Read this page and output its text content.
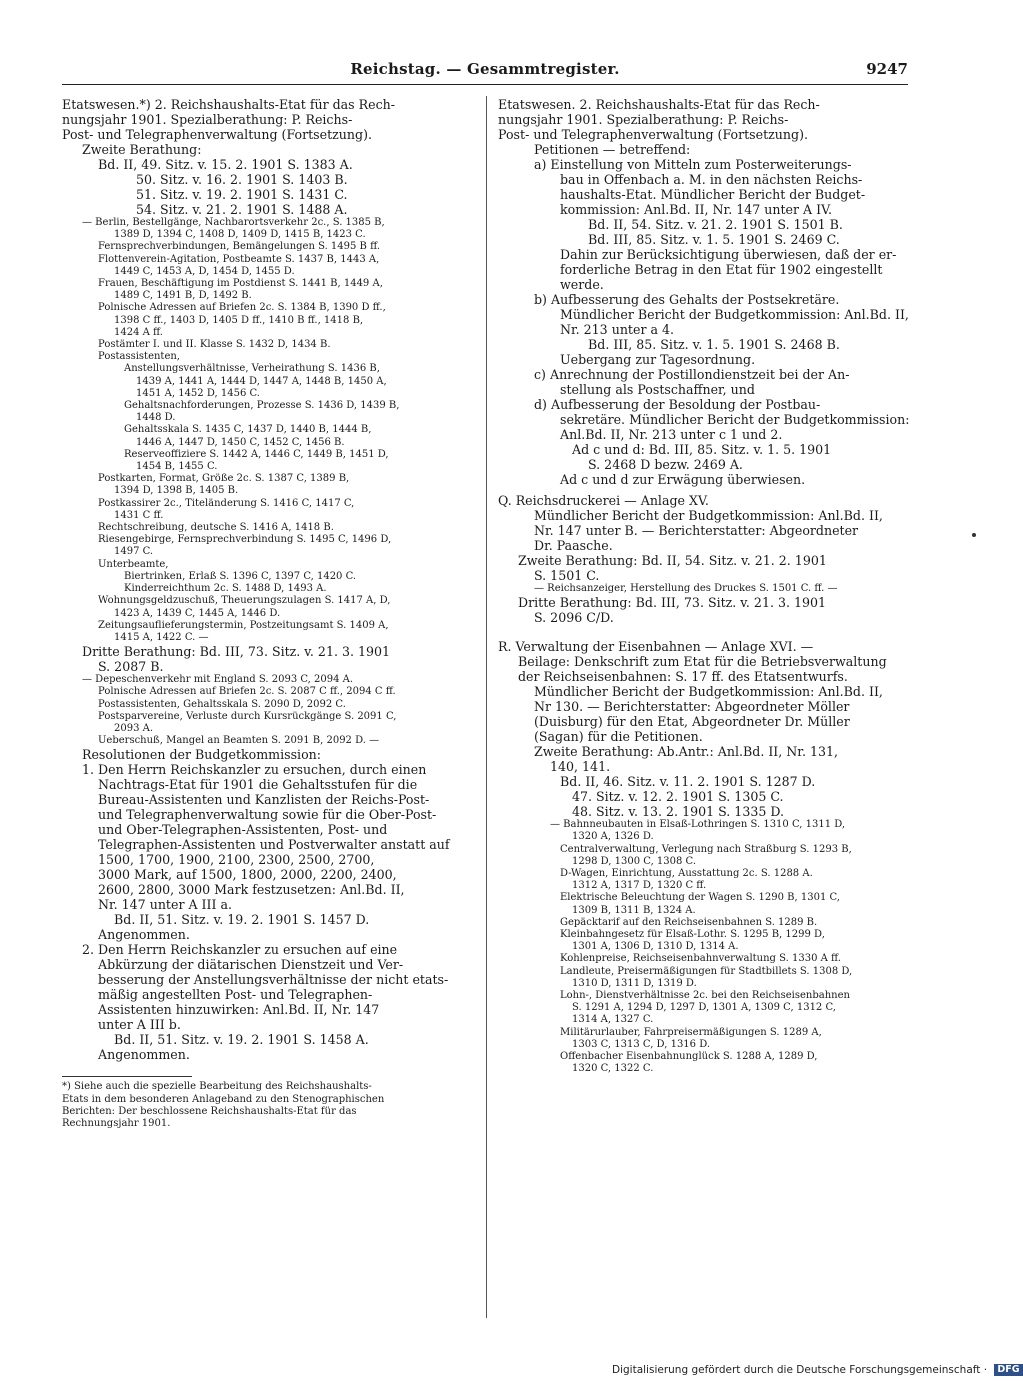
Reichstag. — Gesammtregister.	9247
Etatswesen.*) 2. Reichshaushalts-Etat für das Rech-
nungsjahr 1901. Spezialberathung: P. Reichs-
Post- und Telegraphenverwaltung (Fortsetzung).
Zweite Berathung:
Bd. II, 49. Sitz. v. 15. 2. 1901 S. 1383 A.
50. Sitz. v. 16. 2. 1901 S. 1403 B.
51. Sitz. v. 19. 2. 1901 S. 1431 C.
54. Sitz. v. 21. 2. 1901 S. 1488 A.
— Berlin, Bestellgänge, Nachbarortsverkehr 2c., S. 1385 B,
1389 D, 1394 C, 1408 D, 1409 D, 1415 B, 1423 C.
Fernsprechverbindungen, Bemängelungen S. 1495 B ff.
Flottenverein-Agitation, Postbeamte S. 1437 B, 1443 A,
1449 C, 1453 A, D, 1454 D, 1455 D.
Frauen, Beschäftigung im Postdienst S. 1441 B, 1449 A,
1489 C, 1491 B, D, 1492 B.
Polnische Adressen auf Briefen 2c. S. 1384 B, 1390 D ff.,
1398 C ff., 1403 D, 1405 D ff., 1410 B ff., 1418 B,
1424 A ff.
Postämter I. und II. Klasse S. 1432 D, 1434 B.
Postassistenten,
Anstellungsverhältnisse, Verheirathung S. 1436 B,
1439 A, 1441 A, 1444 D, 1447 A, 1448 B, 1450 A,
1451 A, 1452 D, 1456 C.
Gehaltsnachforderungen, Prozesse S. 1436 D, 1439 B,
1448 D.
Gehaltsskala S. 1435 C, 1437 D, 1440 B, 1444 B,
1446 A, 1447 D, 1450 C, 1452 C, 1456 B.
Reserveoffiziere S. 1442 A, 1446 C, 1449 B, 1451 D,
1454 B, 1455 C.
Postkarten, Format, Größe 2c. S. 1387 C, 1389 B,
1394 D, 1398 B, 1405 B.
Postkassirer 2c., Titeländerung S. 1416 C, 1417 C,
1431 C ff.
Rechtschreibung, deutsche S. 1416 A, 1418 B.
Riesengebirge, Fernsprechverbindung S. 1495 C, 1496 D,
1497 C.
Unterbeamte,
Biertrinken, Erlaß S. 1396 C, 1397 C, 1420 C.
Kinderreichthum 2c. S. 1488 D, 1493 A.
Wohnungsgeldzuschuß, Theuerungszulagen S. 1417 A, D,
1423 A, 1439 C, 1445 A, 1446 D.
Zeitungsauflieferungstermin, Postzeitungsamt S. 1409 A,
1415 A, 1422 C. —
Dritte Berathung: Bd. III, 73. Sitz. v. 21. 3. 1901
S. 2087 B.
— Depeschenverkehr mit England S. 2093 C, 2094 A.
Polnische Adressen auf Briefen 2c. S. 2087 C ff., 2094 C ff.
Postassistenten, Gehaltsskala S. 2090 D, 2092 C.
Postsparvereine, Verluste durch Kursrückgänge S. 2091 C,
2093 A.
Ueberschuß, Mangel an Beamten S. 2091 B, 2092 D. —
Resolutionen der Budgetkommission:
1. Den Herrn Reichskanzler zu ersuchen, durch einen
Nachtrags-Etat für 1901 die Gehaltsstufen für die
Bureau-Assistenten und Kanzlisten der Reichs-Post-
und Telegraphenverwaltung sowie für die Ober-Post-
und Ober-Telegraphen-Assistenten, Post- und
Telegraphen-Assistenten und Postverwalter anstatt auf
1500, 1700, 1900, 2100, 2300, 2500, 2700,
3000 Mark, auf 1500, 1800, 2000, 2200, 2400,
2600, 2800, 3000 Mark festzusetzen: Anl.Bd. II,
Nr. 147 unter A III a.
Bd. II, 51. Sitz. v. 19. 2. 1901 S. 1457 D.
Angenommen.
2. Den Herrn Reichskanzler zu ersuchen auf eine
Abkürzung der diätarischen Dienstzeit und Ver-
besserung der Anstellungsverhältnisse der nicht etats-
mäßig angestellten Post- und Telegraphen-
Assistenten hinzuwirken: Anl.Bd. II, Nr. 147
unter A III b.
Bd. II, 51. Sitz. v. 19. 2. 1901 S. 1458 A.
Angenommen.
*) Siehe auch die spezielle Bearbeitung des Reichshaushalts-
Etats in dem besonderen Anlageband zu den Stenographischen
Berichten: Der beschlossene Reichshaushalts-Etat für das
Rechnungsjahr 1901.
Etatswesen. 2. Reichshaushalts-Etat für das Rech-
nungsjahr 1901. Spezialberathung: P. Reichs-
Post- und Telegraphenverwaltung (Fortsetzung).
Petitionen — betreffend:
a) Einstellung von Mitteln zum Posterweiterungs-
bau in Offenbach a. M. in den nächsten Reichs-
haushalts-Etat. Mündlicher Bericht der Budget-
kommission: Anl.Bd. II, Nr. 147 unter A IV.
Bd. II, 54. Sitz. v. 21. 2. 1901 S. 1501 B.
Bd. III, 85. Sitz. v. 1. 5. 1901 S. 2469 C.
Dahin zur Berücksichtigung überwiesen, daß der er-
forderliche Betrag in den Etat für 1902 eingestellt
werde.
b) Aufbesserung des Gehalts der Postsekretäre.
Mündlicher Bericht der Budgetkommission: Anl.Bd. II,
Nr. 213 unter a 4.
Bd. III, 85. Sitz. v. 1. 5. 1901 S. 2468 B.
Uebergang zur Tagesordnung.
c) Anrechnung der Postillondienstzeit bei der An-
stellung als Postschaffner, und
d) Aufbesserung der Besoldung der Postbau-
sekretäre. Mündlicher Bericht der Budgetkommission:
Anl.Bd. II, Nr. 213 unter c 1 und 2.
Ad c und d: Bd. III, 85. Sitz. v. 1. 5. 1901
S. 2468 D bezw. 2469 A.
Ad c und d zur Erwägung überwiesen.
Q. Reichsdruckerei — Anlage XV.
Mündlicher Bericht der Budgetkommission: Anl.Bd. II,
Nr. 147 unter B. — Berichterstatter: Abgeordneter
Dr. Paasche.
Zweite Berathung: Bd. II, 54. Sitz. v. 21. 2. 1901
S. 1501 C.
— Reichsanzeiger, Herstellung des Druckes S. 1501 C. ff. —
Dritte Berathung: Bd. III, 73. Sitz. v. 21. 3. 1901
S. 2096 C/D.
R. Verwaltung der Eisenbahnen — Anlage XVI. —
Beilage: Denkschrift zum Etat für die Betriebsverwaltung
der Reichseisenbahnen: S. 17 ff. des Etatsentwurfs.
Mündlicher Bericht der Budgetkommission: Anl.Bd. II,
Nr 130. — Berichterstatter: Abgeordneter Möller
(Duisburg) für den Etat, Abgeordneter Dr. Müller
(Sagan) für die Petitionen.
Zweite Berathung: Ab.Antr.: Anl.Bd. II, Nr. 131,
140, 141.
Bd. II, 46. Sitz. v. 11. 2. 1901 S. 1287 D.
47. Sitz. v. 12. 2. 1901 S. 1305 C.
48. Sitz. v. 13. 2. 1901 S. 1335 D.
— Bahnneubauten in Elsaß-Lothringen S. 1310 C, 1311 D,
1320 A, 1326 D.
Centralverwaltung, Verlegung nach Straßburg S. 1293 B,
1298 D, 1300 C, 1308 C.
D-Wagen, Einrichtung, Ausstattung 2c. S. 1288 A.
1312 A, 1317 D, 1320 C ff.
Elektrische Beleuchtung der Wagen S. 1290 B, 1301 C,
1309 B, 1311 B, 1324 A.
Gepäcktarif auf den Reichseisenbahnen S. 1289 B.
Kleinbahngesetz für Elsaß-Lothr. S. 1295 B, 1299 D,
1301 A, 1306 D, 1310 D, 1314 A.
Kohlenpreise, Reichseisenbahnverwaltung S. 1330 A ff.
Landleute, Preisermäßigungen für Stadtbillets S. 1308 D,
1310 D, 1311 D, 1319 D.
Lohn-, Dienstverhältnisse 2c. bei den Reichseisenbahnen
S. 1291 A, 1294 D, 1297 D, 1301 A, 1309 C, 1312 C,
1314 A, 1327 C.
Militärurlauber, Fahrpreisermäßigungen S. 1289 A,
1303 C, 1313 C, D, 1316 D.
Offenbacher Eisenbahnunglück S. 1288 A, 1289 D,
1320 C, 1322 C.
Digitalisierung gefördert durch die Deutsche Forschungsgemeinschaft · DFG
